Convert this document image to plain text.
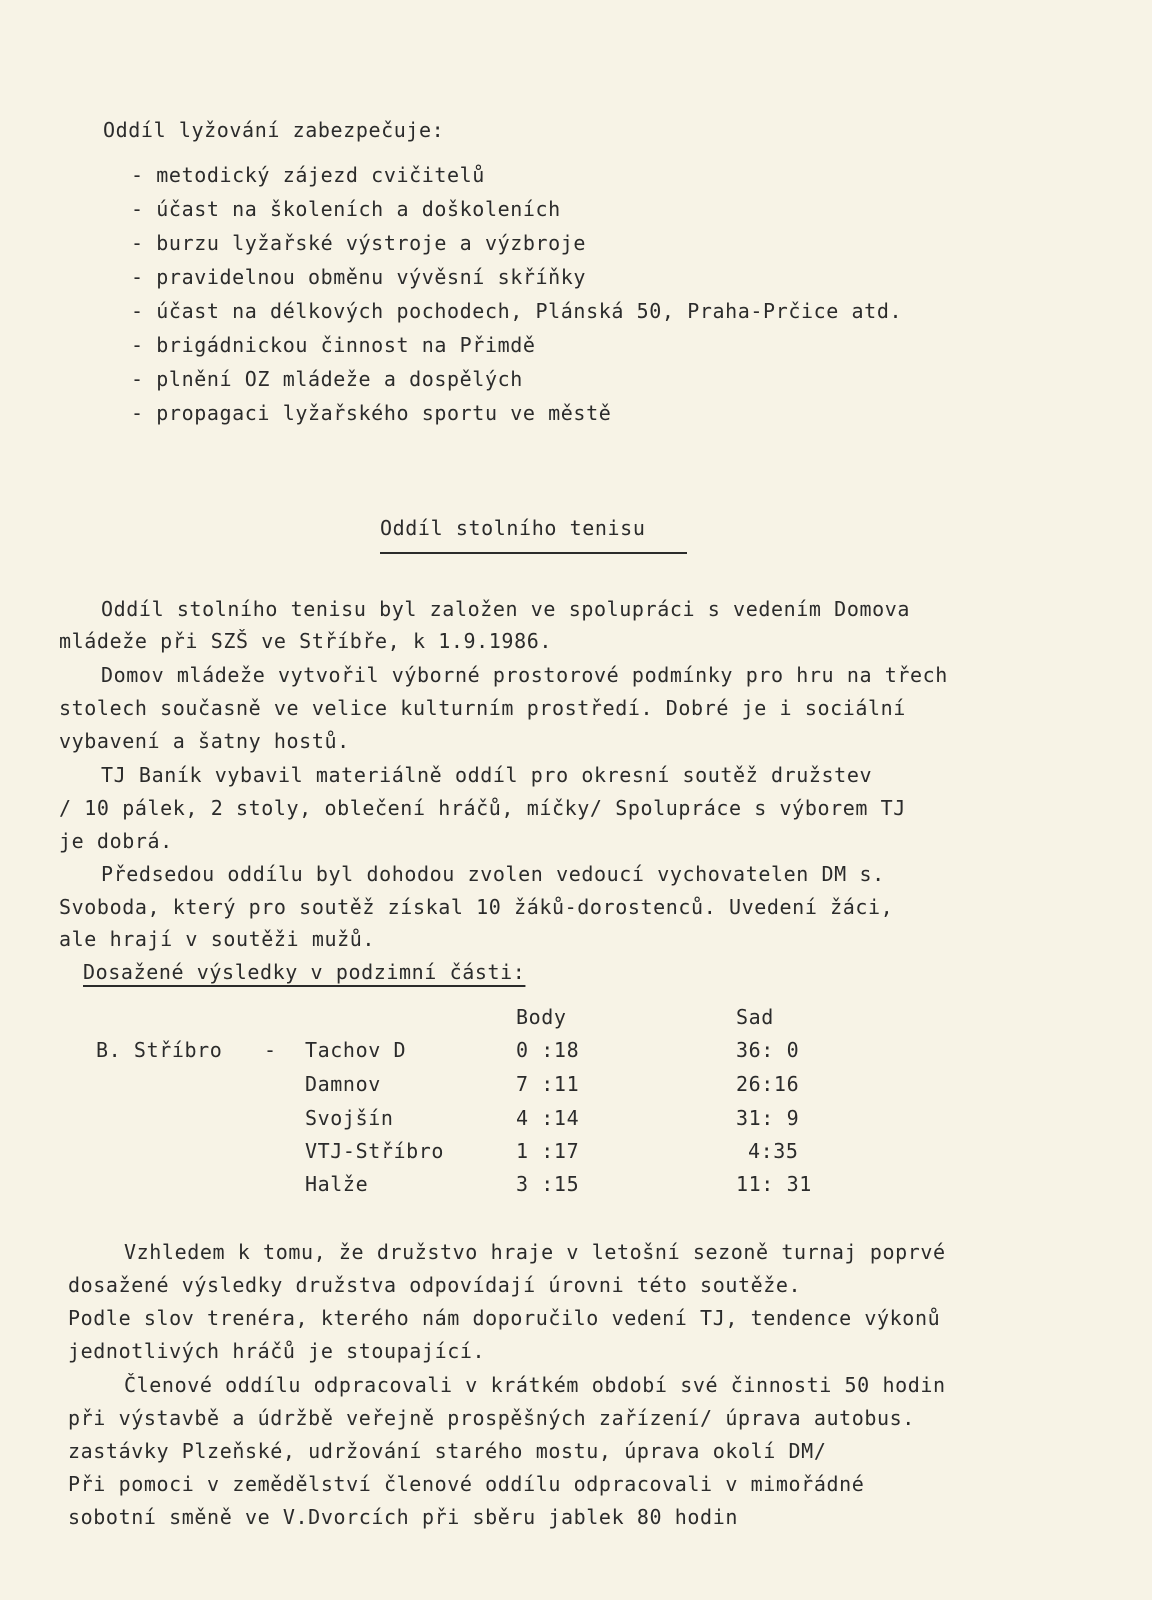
Oddíl lyžování zabezpečuje:
- metodický zájezd cvičitelů
- účast na školeních a doškoleních
- burzu lyžařské výstroje a výzbroje
- pravidelnou obměnu vývěsní skříňky
- účast na délkových pochodech, Plánská 50, Praha-Prčice atd.
- brigádnickou činnost na Přimdě
- plnění OZ mládeže a dospělých
- propagaci lyžařského sportu ve městě
Oddíl stolního tenisu
Oddíl stolního tenisu byl založen ve spolupráci s vedením Domova
mládeže při SZŠ ve Stříbře, k 1.9.1986.
Domov mládeže vytvořil výborné prostorové podmínky pro hru na třech
stolech současně ve velice kulturním prostředí. Dobré je i sociální
vybavení a šatny hostů.
TJ Baník vybavil materiálně oddíl pro okresní soutěž družstev
/ 10 pálek, 2 stoly, oblečení hráčů, míčky/ Spolupráce s výborem TJ
je dobrá.
Předsedou oddílu byl dohodou zvolen vedoucí vychovatelen DM s.
Svoboda, který pro soutěž získal 10 žáků-dorostenců. Uvedení žáci,
ale hrají v soutěži mužů.
Dosažené výsledky v podzimní části:
Body	Sad
B. Stříbro - Tachov D	0 :18	36: 0
Damnov	7 :11	26:16
Svojšín	4 :14	31: 9
VTJ-Stříbro	1 :17	4:35
Halže	3 :15	11: 31
Vzhledem k tomu, že družstvo hraje v letošní sezoně turnaj poprvé
dosažené výsledky družstva odpovídají úrovni této soutěže.
Podle slov trenéra, kterého nám doporučilo vedení TJ, tendence výkonů
jednotlivých hráčů je stoupající.
Členové oddílu odpracovali v krátkém období své činnosti 50 hodin
při výstavbě a údržbě veřejně prospěšných zařízení/ úprava autobus.
zastávky Plzeňské, udržování starého mostu, úprava okolí DM/
Při pomoci v zemědělství členové oddílu odpracovali v mimořádné
sobotní směně ve V.Dvorcích při sběru jablek 80 hodin
